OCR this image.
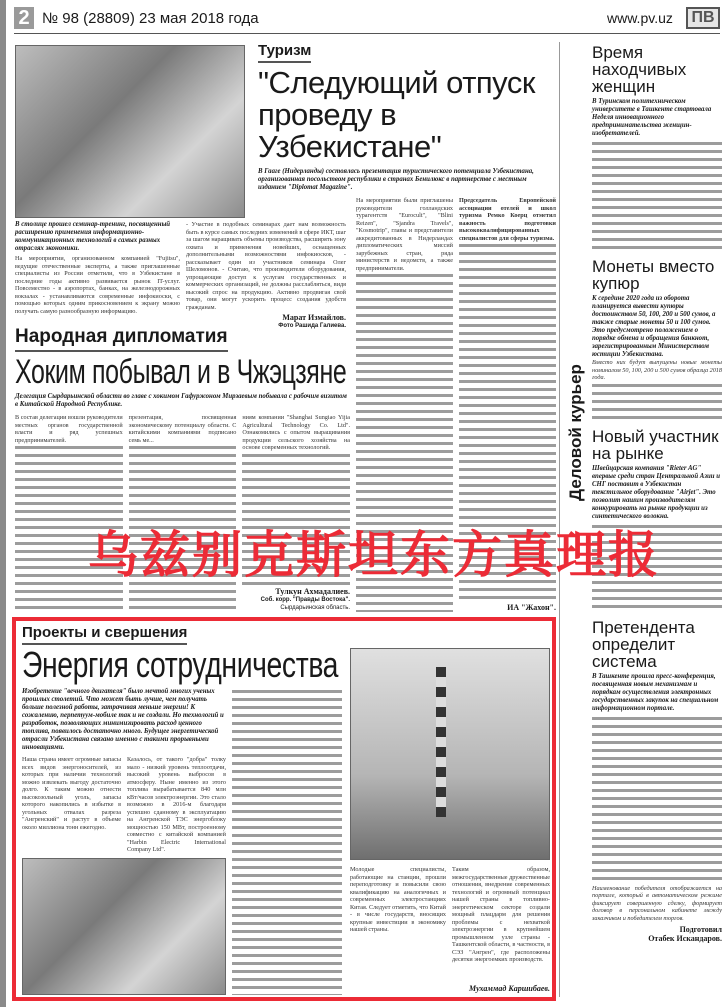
2 № 98 (28809) 23 мая 2018 года	www.pv.uz	ПВ
В столице прошел семинар-тренинг, посвященный расширению применения информационно-коммуникационных технологий в самых разных отраслях экономики.
На мероприятии, организованном компанией "Fujitsu", ведущие отечественные эксперты, а также приглашенные специалисты из России отметили, что в Узбекистане в последние годы активно развивается рынок IT-услуг. Повсеместно - в аэропортах, банках, на железнодорожных вокзалах - устанавливаются современные инфокиоски, с помощью которых одним прикосновением к экрану можно получать самую разнообразную информацию.
- Участие в подобных семинарах дает нам возможность быть в курсе самых последних изменений в сфере ИКТ, шаг за шагом наращивать объемы производства, расширять зону охвата и применения новейших, оснащенных дополнительными возможностями инфокиосков, - рассказывает один из участников семинара Олег Шеломонов. - Считаю, что производители оборудования, упрощающие доступ к услугам государственных и коммерческих организаций, не должны расслабляться, видя высокий спрос на продукцию. Активно продвигая свой товар, они могут ускорить процесс создания удобств гражданам.
Марат Измайлов.
Фото Рашида Галиева.
Народная дипломатия
Хоким побывал и в Чжэцзяне
Делегация Сырдарьинской области во главе с хокимом Гафуржоном Мирзаевым побывала с рабочим визитом в Китайской Народной Республике.
В состав делегации вошли руководители местных органов государственной власти и ряд успешных предпринимателей.
презентация, посвященная экономическому потенциалу области. С китайскими компаниями подписано семь ме...
ниям компании "Shanghai Sungiao Yijia Agricultural Technology Co. Ltd". Ознакомились с опытом выращивания продукции сельского хозяйства на основе современных технологий.
Тулкун Ахмадалиев.
Соб. корр. "Правды Востока".
Сырдарьинская область.
Туризм
"Следующий отпуск проведу в Узбекистане"
В Гааге (Нидерланды) состоялась презентация туристического потенциала Узбекистана, организованная посольством республики в странах Бенилюкс в партнерстве с местным изданием "Diplomat Magazine".
На мероприятии были приглашены руководители голландских турагентств "Eurocult", "Blini Reizen", "Sjandra Travels", "Kosmotrip", главы и представители аккредитованных в Нидерландах дипломатических миссий зарубежных стран, ряда министерств и ведомств, а также предприниматели.
Председатель Европейской ассоциации отелей и школ туризма Ремко Коерц отметил важность подготовки высококвалифицированных специалистов для сферы туризма.
ИА "Жахон".
Деловой курьер
Время находчивых женщин
В Туринском политехническом университете в Ташкенте стартовала Неделя инновационного предпринимательства женщин-изобретателей.
Монеты вместо купюр
К середине 2020 года из оборота планируется вывести купюры достоинством 50, 100, 200 и 500 сумов, а также старые монеты 50 и 100 сумов. Это предусмотрено положением о порядке обмена и обращения банкнот, зарегистрированным Министерством юстиции Узбекистана.
Вместо них будут выпущены новые монеты номиналом 50, 100, 200 и 500 сумов образца 2018 года.
Новый участник на рынке
Швейцарская компания "Rieter AG" впервые среди стран Центральной Азии и СНГ поставит в Узбекистан текстильное оборудование "Airjet". Это позволит нашим производителям конкурировать на рынке продукции из синтетического волокна.
Претендента определит система
В Ташкенте прошла пресс-конференция, посвященная новым механизмам и порядкам осуществления электронных государственных закупок на специальном информационном портале.
Наименование победителя отображается на портале, который в автоматическом режиме фиксирует совершенную сделку, формирует договор в персональном кабинете между заказчиком и победителем торгов.
Подготовил
Отабек Искандаров.
Проекты и свершения
Энергия сотрудничества
Изобретение "вечного двигателя" было мечтой многих ученых прошлых столетий. Что может быть лучше, чем получать больше полезной работы, затрачивая меньше энергии! К сожалению, перпетуум-мобиле так и не создали. Но технологий и разработок, позволяющих минимизировать расход ценного топлива, появилось достаточно много. Будущее энергетической отрасли Узбекистана связано именно с такими прорывными инновациями.
Наша страна имеет огромные запасы всех видов энергоносителей, из которых при наличии технологий можно извлекать выгоду достаточно долго. К таким можно отнести высокозольный уголь, запасы которого накопились в избытке в угольных отвалах разреза "Ангренский" и растут в объеме около миллиона тонн ежегодно.
Казалось, от такого "добра" толку мало - низкий уровень теплоотдачи, высокий уровень выбросов в атмосферу. Ныне именно из этого топлива вырабатывается 840 млн кВт/часов электроэнергии. Это стало возможно в 2016-м благодаря успешно сданному в эксплуатацию на Ангренской ТЭС энергоблоку мощностью 150 МВт, построенному совместно с китайской компанией "Harbin Electric International Company Ltd".
Молодые специалисты, работающие на станции, прошли переподготовку и повысили свою квалификацию на аналогичных и современных электростанциях Китая. Следует отметить, что Китай - в числе государств, вносящих крупные инвестиции в экономику нашей страны.
Таким образом, межгосударственные дружественные отношения, внедрение современных технологий и огромный потенциал нашей страны в топливно-энергетическом секторе создали мощный плацдарм для решения проблемы с нехваткой электроэнергии в крупнейшем промышленном узле страны - Ташкентской области, в частности, в СЭЗ "Ангрен", где расположены десятки энергоемких производств.
Мухаммад Каршибаев.
乌兹别克斯坦东方真理报
